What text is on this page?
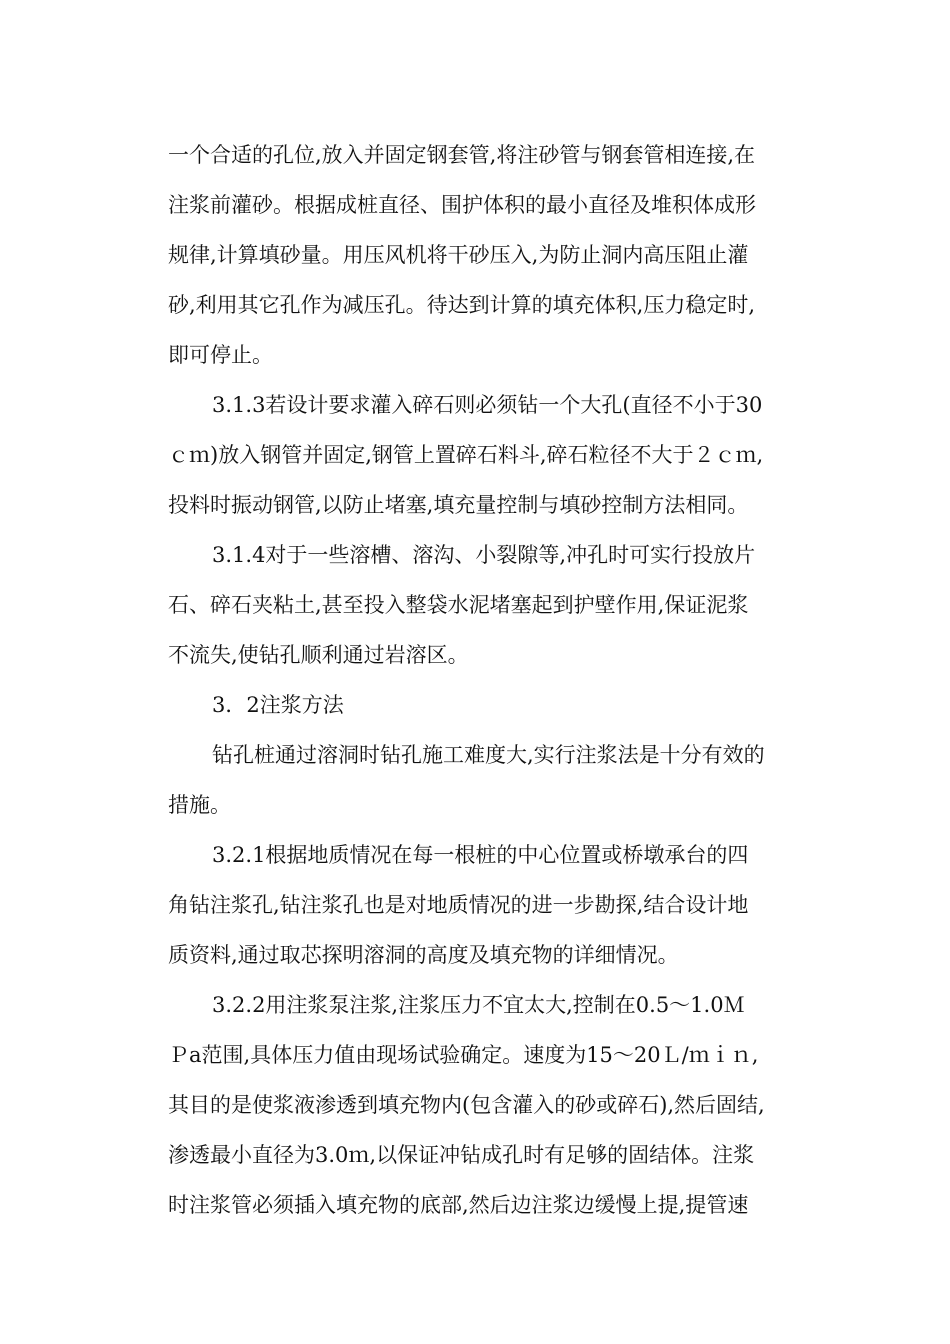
一个合适的孔位,放入并固定钢套管,将注砂管与钢套管相连接,在
注浆前灌砂。根据成桩直径、围护体积的最小直径及堆积体成形
规律,计算填砂量。用压风机将干砂压入,为防止洞内高压阻止灌
砂,利用其它孔作为减压孔。待达到计算的填充体积,压力稳定时,
即可停止。
3.1.3若设计要求灌入碎石则必须钻一个大孔(直径不小于30
ｃｍ)放入钢管并固定,钢管上置碎石料斗,碎石粒径不大于２ｃｍ,
投料时振动钢管,以防止堵塞,填充量控制与填砂控制方法相同。
3.1.4对于一些溶槽、溶沟、小裂隙等,冲孔时可实行投放片
石、碎石夹粘土,甚至投入整袋水泥堵塞起到护壁作用,保证泥浆
不流失,使钻孔顺利通过岩溶区。
3．2注浆方法
钻孔桩通过溶洞时钻孔施工难度大,实行注浆法是十分有效的
措施。
3.2.1根据地质情况在每一根桩的中心位置或桥墩承台的四
角钻注浆孔,钻注浆孔也是对地质情况的进一步勘探,结合设计地
质资料,通过取芯探明溶洞的高度及填充物的详细情况。
3.2.2用注浆泵注浆,注浆压力不宜太大,控制在0.5～1.0Ｍ
Ｐa范围,具体压力值由现场试验确定。速度为15～20Ｌ/ｍｉｎ,
其目的是使浆液渗透到填充物内(包含灌入的砂或碎石),然后固结,
渗透最小直径为3.0ｍ,以保证冲钻成孔时有足够的固结体。注浆
时注浆管必须插入填充物的底部,然后边注浆边缓慢上提,提管速
